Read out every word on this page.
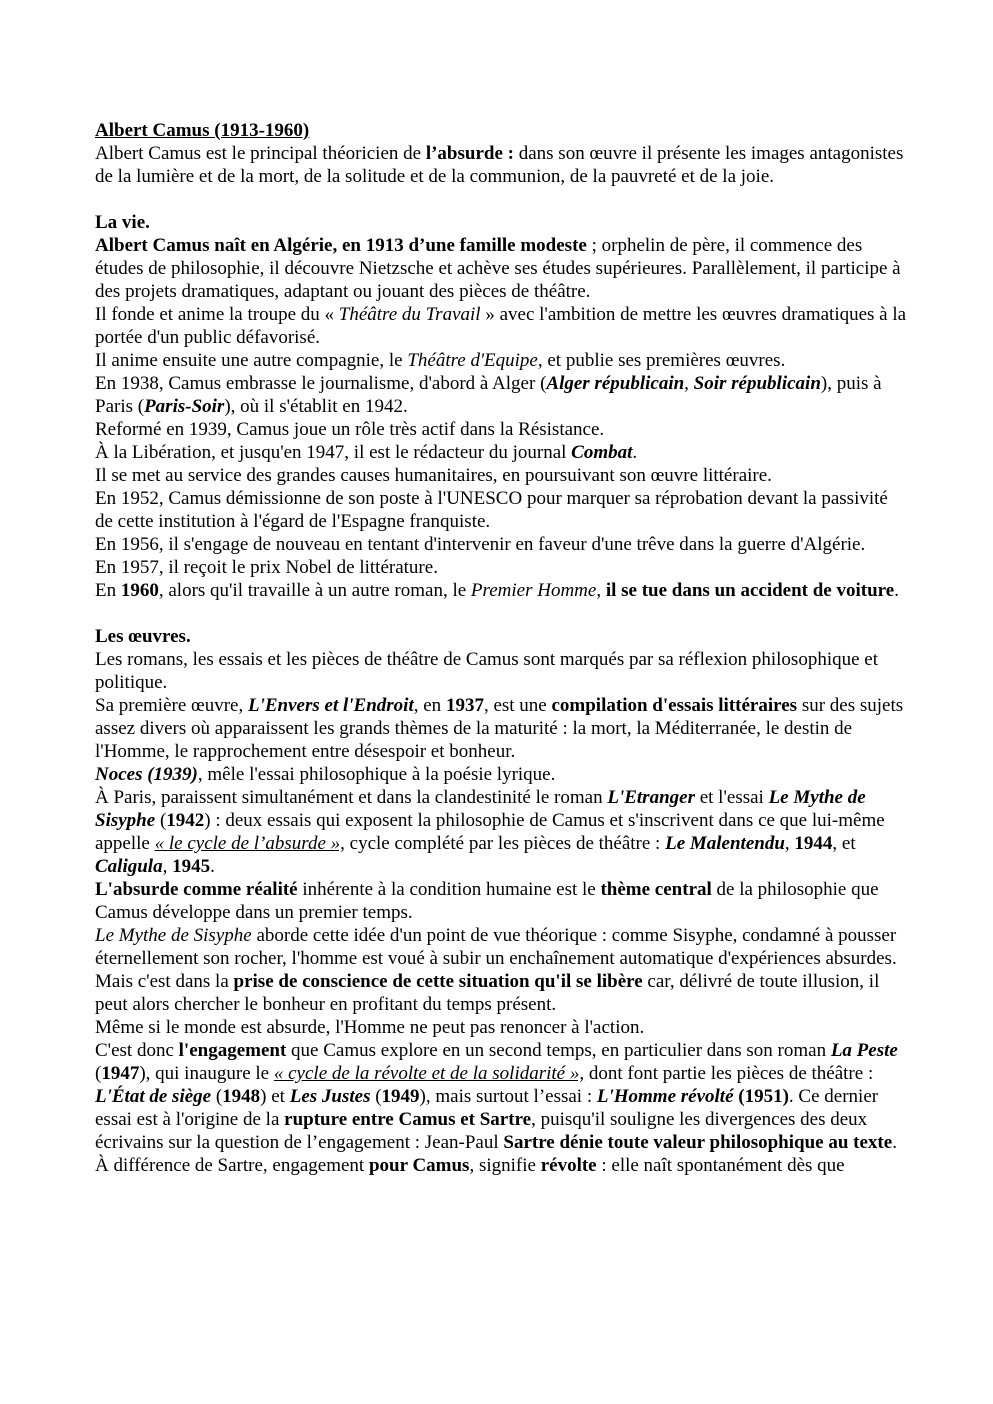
Albert Camus (1913-1960)
Albert Camus est le principal théoricien de l’absurde : dans son œuvre il présente les images antagonistes de la lumière et de la mort, de la solitude et de la communion, de la pauvreté et de la joie.

La vie.
Albert Camus naît en Algérie, en 1913 d’une famille modeste ; orphelin de père, il commence des études de philosophie, il découvre Nietzsche et achève ses études supérieures. Parallèlement, il participe à des projets dramatiques, adaptant ou jouant des pièces de théâtre.
Il fonde et anime la troupe du « Théâtre du Travail » avec l'ambition de mettre les œuvres dramatiques à la portée d'un public défavorisé.
Il anime ensuite une autre compagnie, le Théâtre d'Equipe, et publie ses premières œuvres.
En 1938, Camus embrasse le journalisme, d'abord à Alger (Alger républicain, Soir républicain), puis à Paris (Paris-Soir), où il s'établit en 1942.
Reformé en 1939, Camus joue un rôle très actif dans la Résistance.
À la Libération, et jusqu'en 1947, il est le rédacteur du journal Combat.
Il se met au service des grandes causes humanitaires, en poursuivant son œuvre littéraire.
En 1952, Camus démissionne de son poste à l'UNESCO pour marquer sa réprobation devant la passivité de cette institution à l'égard de l'Espagne franquiste.
En 1956, il s'engage de nouveau en tentant d'intervenir en faveur d'une trêve dans la guerre d'Algérie.
En 1957, il reçoit le prix Nobel de littérature.
En 1960, alors qu'il travaille à un autre roman, le Premier Homme, il se tue dans un accident de voiture.

Les œuvres.
Les romans, les essais et les pièces de théâtre de Camus sont marqués par sa réflexion philosophique et politique.
Sa première œuvre, L'Envers et l'Endroit, en 1937, est une compilation d'essais littéraires sur des sujets assez divers où apparaissent les grands thèmes de la maturité : la mort, la Méditerranée, le destin de l'Homme, le rapprochement entre désespoir et bonheur.
Noces (1939), mêle l'essai philosophique à la poésie lyrique.
À Paris, paraissent simultanément et dans la clandestinité le roman L'Etranger et l'essai Le Mythe de Sisyphe (1942) : deux essais qui exposent la philosophie de Camus et s'inscrivent dans ce que lui-même appelle « le cycle de l’absurde », cycle complété par les pièces de théâtre : Le Malentendu, 1944, et Caligula, 1945.
L'absurde comme réalité inhérente à la condition humaine est le thème central de la philosophie que Camus développe dans un premier temps.
Le Mythe de Sisyphe aborde cette idée d'un point de vue théorique : comme Sisyphe, condamné à pousser éternellement son rocher, l'homme est voué à subir un enchaînement automatique d'expériences absurdes.
Mais c'est dans la prise de conscience de cette situation qu'il se libère car, délivré de toute illusion, il peut alors chercher le bonheur en profitant du temps présent.
Même si le monde est absurde, l'Homme ne peut pas renoncer à l'action.
C'est donc l'engagement que Camus explore en un second temps, en particulier dans son roman La Peste (1947), qui inaugure le « cycle de la révolte et de la solidarité », dont font partie les pièces de théâtre : L'État de siège (1948) et Les Justes (1949), mais surtout l’essai : L'Homme révolté (1951). Ce dernier essai est à l'origine de la rupture entre Camus et Sartre, puisqu'il souligne les divergences des deux écrivains sur la question de l’engagement : Jean-Paul Sartre dénie toute valeur philosophique au texte.
À différence de Sartre, engagement pour Camus, signifie révolte : elle naît spontanément dès que
